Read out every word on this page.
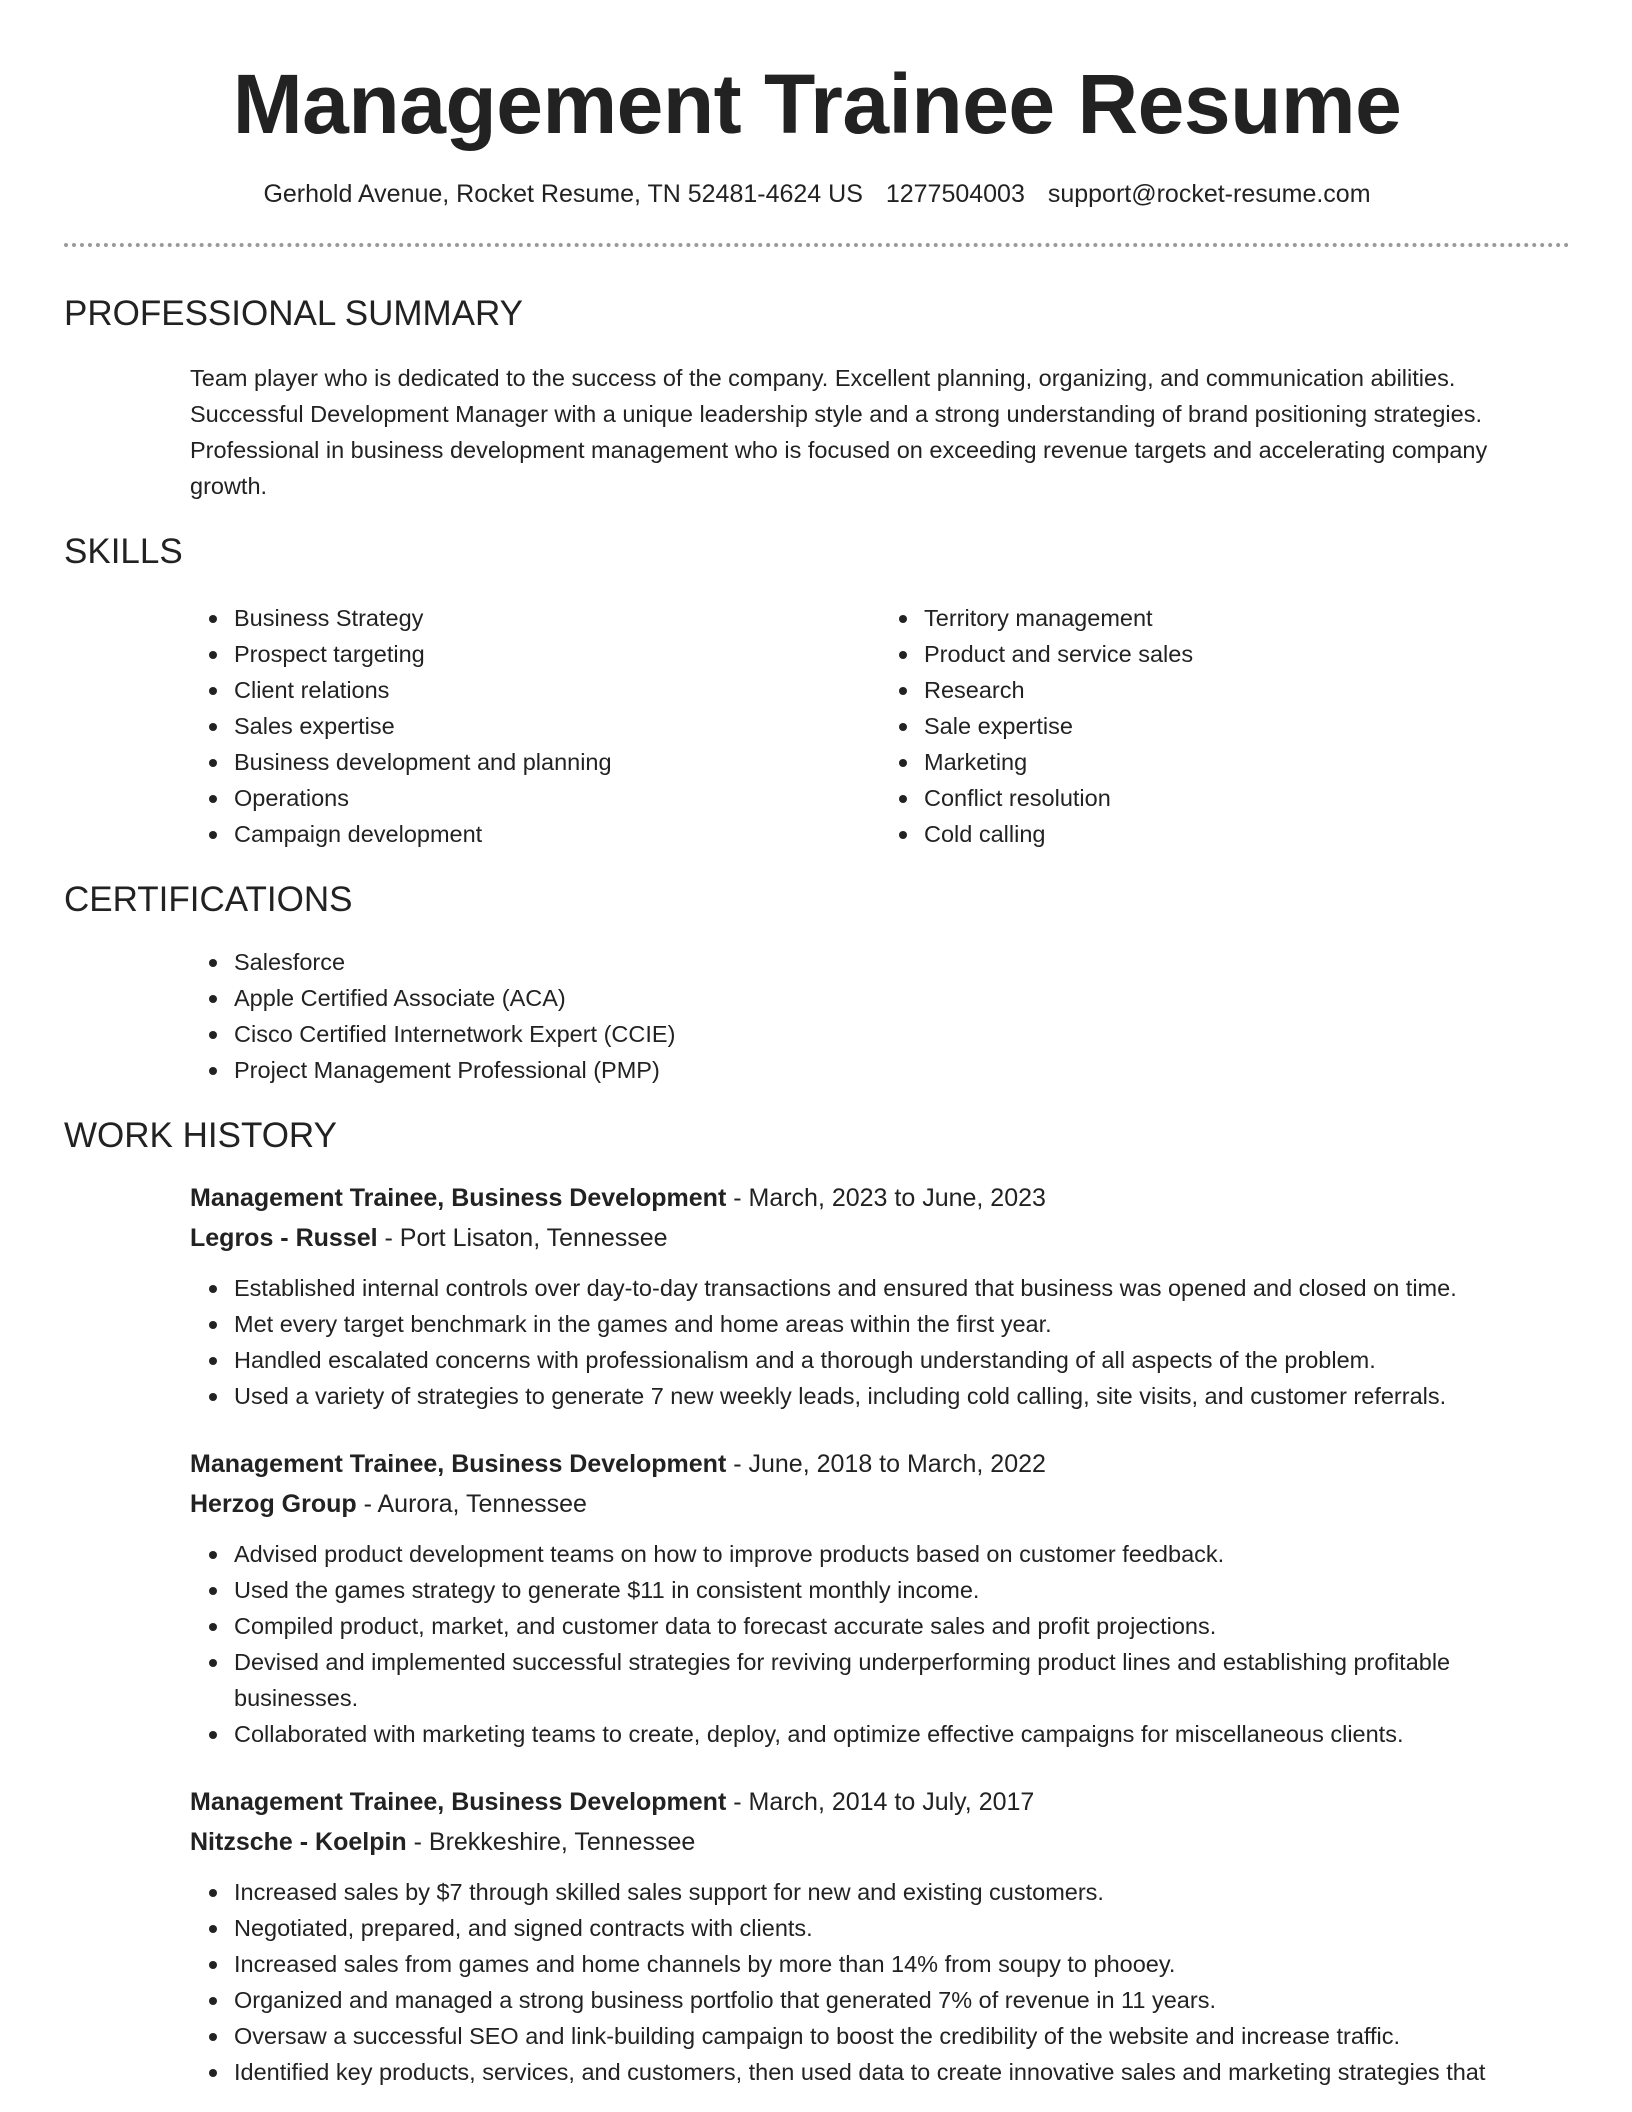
Management Trainee Resume
Gerhold Avenue, Rocket Resume, TN 52481-4624 US 1277504003 support@rocket-resume.com
PROFESSIONAL SUMMARY
Team player who is dedicated to the success of the company. Excellent planning, organizing, and communication abilities. Successful Development Manager with a unique leadership style and a strong understanding of brand positioning strategies. Professional in business development management who is focused on exceeding revenue targets and accelerating company growth.
SKILLS
Business Strategy
Prospect targeting
Client relations
Sales expertise
Business development and planning
Operations
Campaign development
Territory management
Product and service sales
Research
Sale expertise
Marketing
Conflict resolution
Cold calling
CERTIFICATIONS
Salesforce
Apple Certified Associate (ACA)
Cisco Certified Internetwork Expert (CCIE)
Project Management Professional (PMP)
WORK HISTORY
Management Trainee, Business Development - March, 2023 to June, 2023
Legros - Russel - Port Lisaton, Tennessee
Established internal controls over day-to-day transactions and ensured that business was opened and closed on time.
Met every target benchmark in the games and home areas within the first year.
Handled escalated concerns with professionalism and a thorough understanding of all aspects of the problem.
Used a variety of strategies to generate 7 new weekly leads, including cold calling, site visits, and customer referrals.
Management Trainee, Business Development - June, 2018 to March, 2022
Herzog Group - Aurora, Tennessee
Advised product development teams on how to improve products based on customer feedback.
Used the games strategy to generate $11 in consistent monthly income.
Compiled product, market, and customer data to forecast accurate sales and profit projections.
Devised and implemented successful strategies for reviving underperforming product lines and establishing profitable businesses.
Collaborated with marketing teams to create, deploy, and optimize effective campaigns for miscellaneous clients.
Management Trainee, Business Development - March, 2014 to July, 2017
Nitzsche - Koelpin - Brekkeshire, Tennessee
Increased sales by $7 through skilled sales support for new and existing customers.
Negotiated, prepared, and signed contracts with clients.
Increased sales from games and home channels by more than 14% from soupy to phooey.
Organized and managed a strong business portfolio that generated 7% of revenue in 11 years.
Oversaw a successful SEO and link-building campaign to boost the credibility of the website and increase traffic.
Identified key products, services, and customers, then used data to create innovative sales and marketing strategies that
